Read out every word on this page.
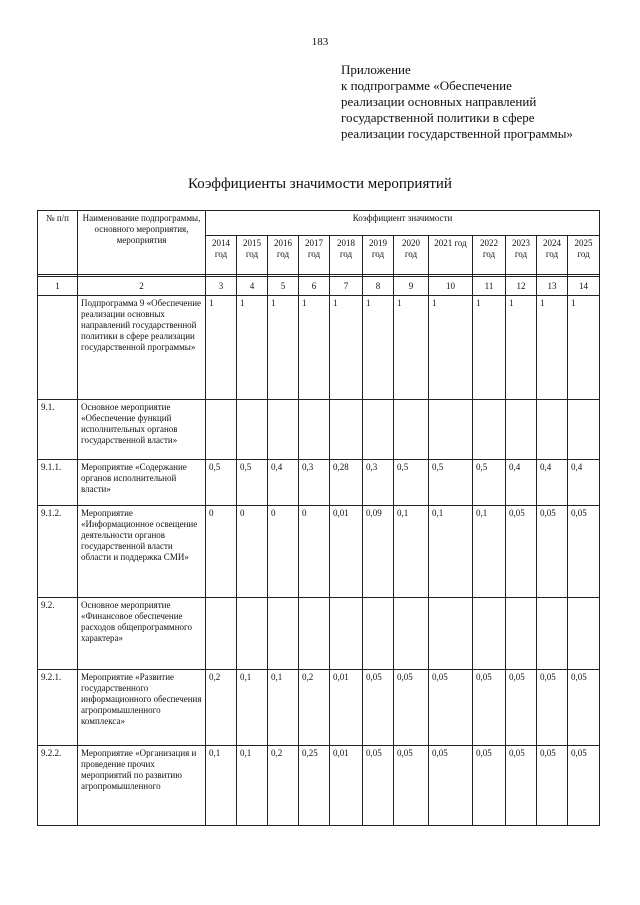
183
Приложение
к подпрограмме «Обеспечение
реализации основных направлений
государственной политики в сфере
реализации государственной программы»
Коэффициенты значимости мероприятий
№ п/п	Наименование подпрограммы, основного мероприятия, мероприятия	Коэффициент значимости											
		2014 год	2015 год	2016 год	2017 год	2018 год	2019 год	2020 год	2021 год	2022 год	2023 год	2024 год	2025 год

1	2	3	4	5	6	7	8	9	10	11	12	13	14
	Подпрограмма 9 «Обеспечение реализации основных направлений государственной политики в сфере реализации государственной программы»	1	1	1	1	1	1	1	1	1	1	1	1
9.1.	Основное мероприятие «Обеспечение функций исполнительных органов государственной власти»												
9.1.1.	Мероприятие «Содержание органов исполнительной власти»	0,5	0,5	0,4	0,3	0,28	0,3	0,5	0,5	0,5	0,4	0,4	0,4
9.1.2.	Мероприятие «Информационное освещение деятельности органов государственной власти области и поддержка СМИ»	0	0	0	0	0,01	0,09	0,1	0,1	0,1	0,05	0,05	0,05
9.2.	Основное мероприятие «Финансовое обеспечение расходов общепрограммного характера»												
9.2.1.	Мероприятие «Развитие государственного информационного обеспечения агропромышленного комплекса»	0,2	0,1	0,1	0,2	0,01	0,05	0,05	0,05	0,05	0,05	0,05	0,05
9.2.2.	Мероприятие «Организация и проведение прочих мероприятий по развитию агропромышленного	0,1	0,1	0,2	0,25	0,01	0,05	0,05	0,05	0,05	0,05	0,05	0,05
